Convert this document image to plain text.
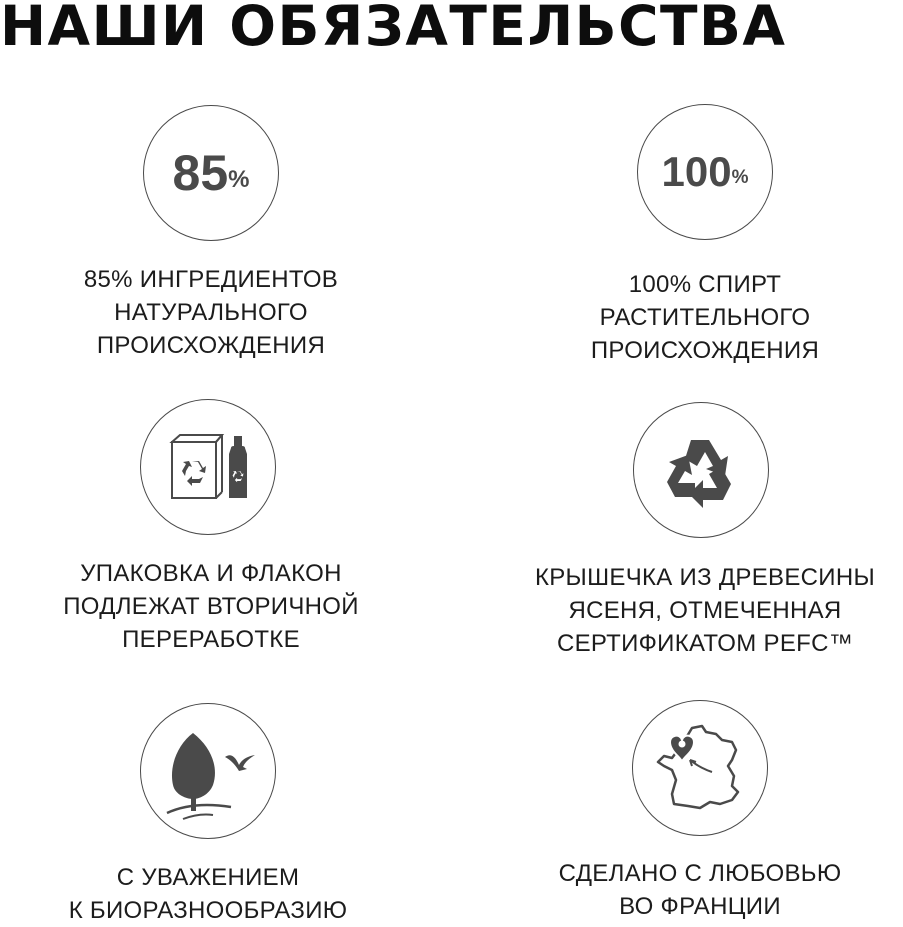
НАШИ ОБЯЗАТЕЛЬСТВА
85 %
85% ИНГРЕДИЕНТОВ
НАТУРАЛЬНОГО
ПРОИСХОЖДЕНИЯ
100 %
100% СПИРТ
РАСТИТЕЛЬНОГО
ПРОИСХОЖДЕНИЯ
УПАКОВКА И ФЛАКОН
ПОДЛЕЖАТ ВТОРИЧНОЙ
ПЕРЕРАБОТКЕ
КРЫШЕЧКА ИЗ ДРЕВЕСИНЫ
ЯСЕНЯ, ОТМЕЧЕННАЯ
СЕРТИФИКАТОМ PEFC™
С УВАЖЕНИЕМ
К БИОРАЗНООБРАЗИЮ
СДЕЛАНО С ЛЮБОВЬЮ
ВО ФРАНЦИИ
